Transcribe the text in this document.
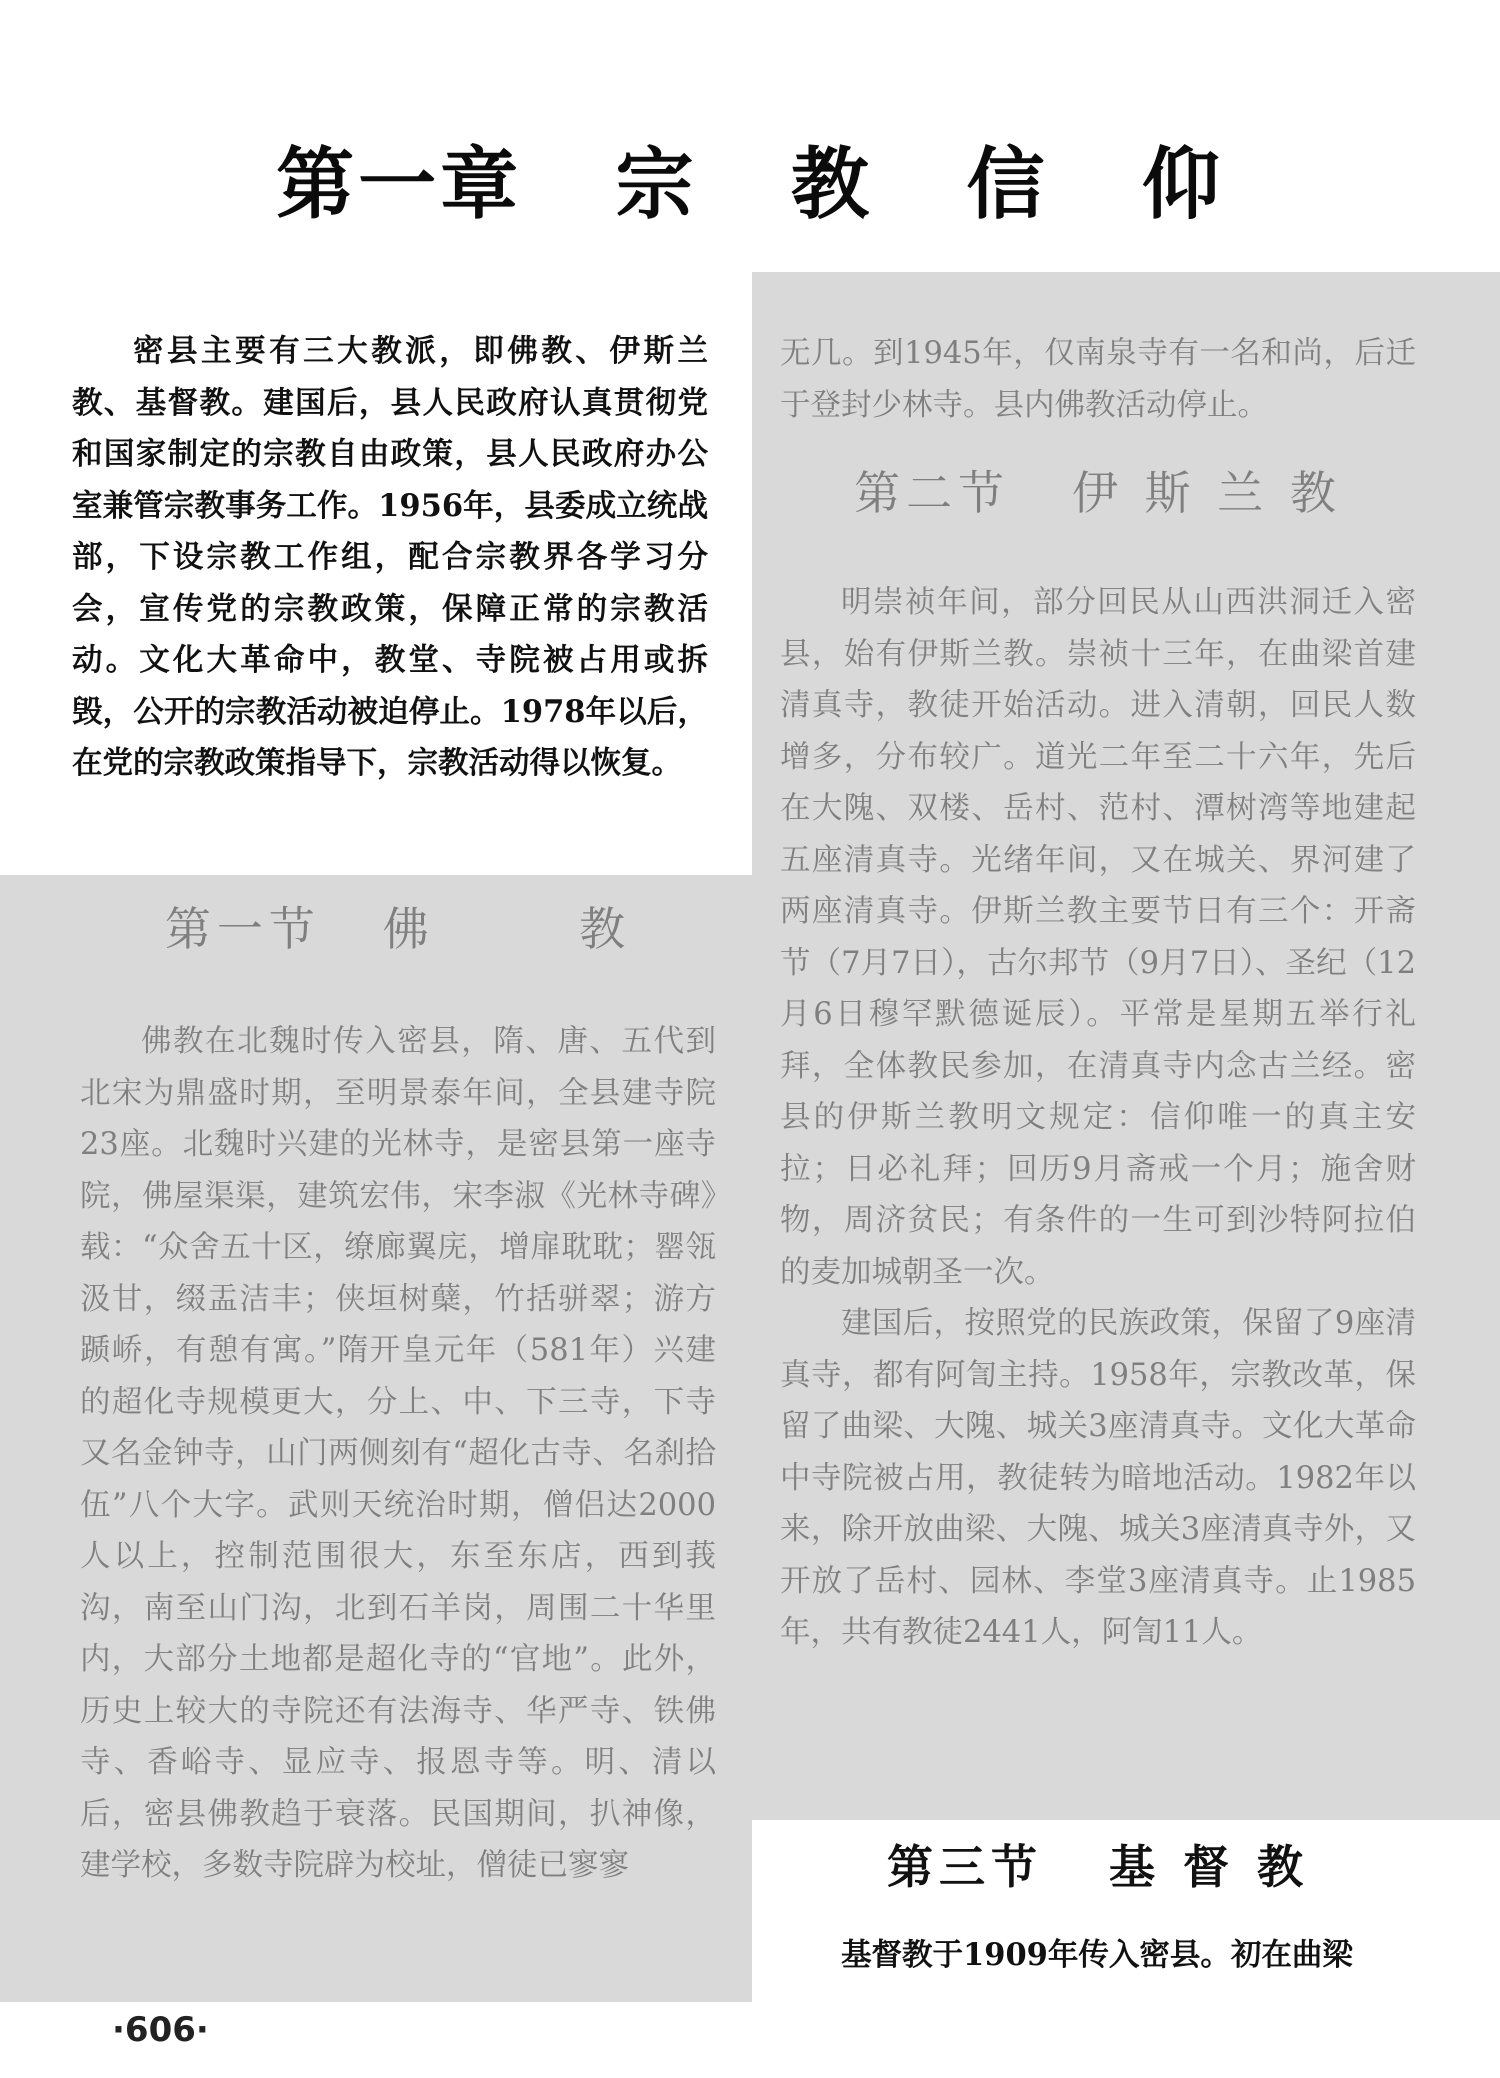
第一章   宗   教   信   仰

密县主要有三大教派，即佛教、伊斯兰教、基督教。建国后，县人民政府认真贯彻党和国家制定的宗教自由政策，县人民政府办公室兼管宗教事务工作。1956年，县委成立统战部，下设宗教工作组，配合宗教界各学习分会，宣传党的宗教政策，保障正常的宗教活动。文化大革命中，教堂、寺院被占用或拆毁，公开的宗教活动被迫停止。1978年以后，在党的宗教政策指导下，宗教活动得以恢复。

第一节   佛       教

佛教在北魏时传入密县，隋、唐、五代到北宋为鼎盛时期，至明景泰年间，全县建寺院23座。北魏时兴建的光林寺，是密县第一座寺院，佛屋渠渠，建筑宏伟，宋李淑《光林寺碑》载：“众舍五十区，缭廊翼庑，增扉耽耽；罂瓴汲甘，缀盂洁丰；侠垣树蘖，竹括骈翠；游方踬峤，有憩有寓。”隋开皇元年（581年）兴建的超化寺规模更大，分上、中、下三寺，下寺又名金钟寺，山门两侧刻有“超化古寺、名刹拾伍”八个大字。武则天统治时期，僧侣达2000人以上，控制范围很大，东至东店，西到莪沟，南至山门沟，北到石羊岗，周围二十华里内，大部分土地都是超化寺的“官地”。此外，历史上较大的寺院还有法海寺、华严寺、铁佛寺、香峪寺、显应寺、报恩寺等。明、清以后，密县佛教趋于衰落。民国期间，扒神像，建学校，多数寺院辟为校址，僧徒已寥寥

无几。到1945年，仅南泉寺有一名和尚，后迁于登封少林寺。县内佛教活动停止。

第二节   伊 斯 兰 教

明崇祯年间，部分回民从山西洪洞迁入密县，始有伊斯兰教。崇祯十三年，在曲梁首建清真寺，教徒开始活动。进入清朝，回民人数增多，分布较广。道光二年至二十六年，先后在大隗、双楼、岳村、范村、潭树湾等地建起五座清真寺。光绪年间，又在城关、界河建了两座清真寺。伊斯兰教主要节日有三个：开斋节（7月7日），古尔邦节（9月7日）、圣纪（12月6日穆罕默德诞辰）。平常是星期五举行礼拜，全体教民参加，在清真寺内念古兰经。密县的伊斯兰教明文规定：信仰唯一的真主安拉；日必礼拜；回历9月斋戒一个月；施舍财物，周济贫民；有条件的一生可到沙特阿拉伯的麦加城朝圣一次。

建国后，按照党的民族政策，保留了9座清真寺，都有阿訇主持。1958年，宗教改革，保留了曲梁、大隗、城关3座清真寺。文化大革命中寺院被占用，教徒转为暗地活动。1982年以来，除开放曲梁、大隗、城关3座清真寺外，又开放了岳村、园林、李堂3座清真寺。止1985年，共有教徒2441人，阿訇11人。

第三节   基 督 教

基督教于1909年传入密县。初在曲梁

·606·
